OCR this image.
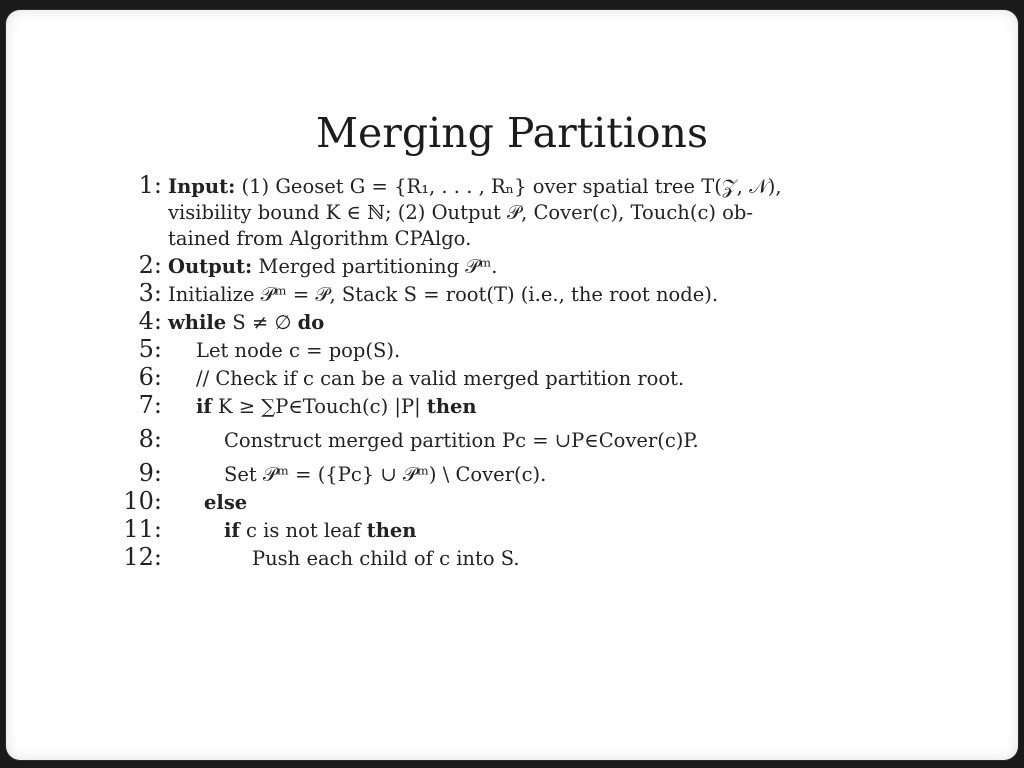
Merging Partitions
1: Input: (1) Geoset G = {R₁, . . . , Rₙ} over spatial tree T(𝒵, 𝒩),
visibility bound K ∈ ℕ; (2) Output 𝒫, Cover(c), Touch(c) ob-
tained from Algorithm CPAlgo.
2: Output: Merged partitioning 𝒫ᵐ.
3: Initialize 𝒫ᵐ = 𝒫, Stack S = root(T) (i.e., the root node).
4: while S ≠ ∅ do
5:	Let node c = pop(S).
6:	// Check if c can be a valid merged partition root.
7:	if K ≥ ∑P∈Touch(c) |P| then
8:	Construct merged partition Pc = ∪P∈Cover(c)P.
9:	Set 𝒫ᵐ = ({Pc} ∪ 𝒫ᵐ) \ Cover(c).
10:	else
11:	if c is not leaf then
12:	Push each child of c into S.
